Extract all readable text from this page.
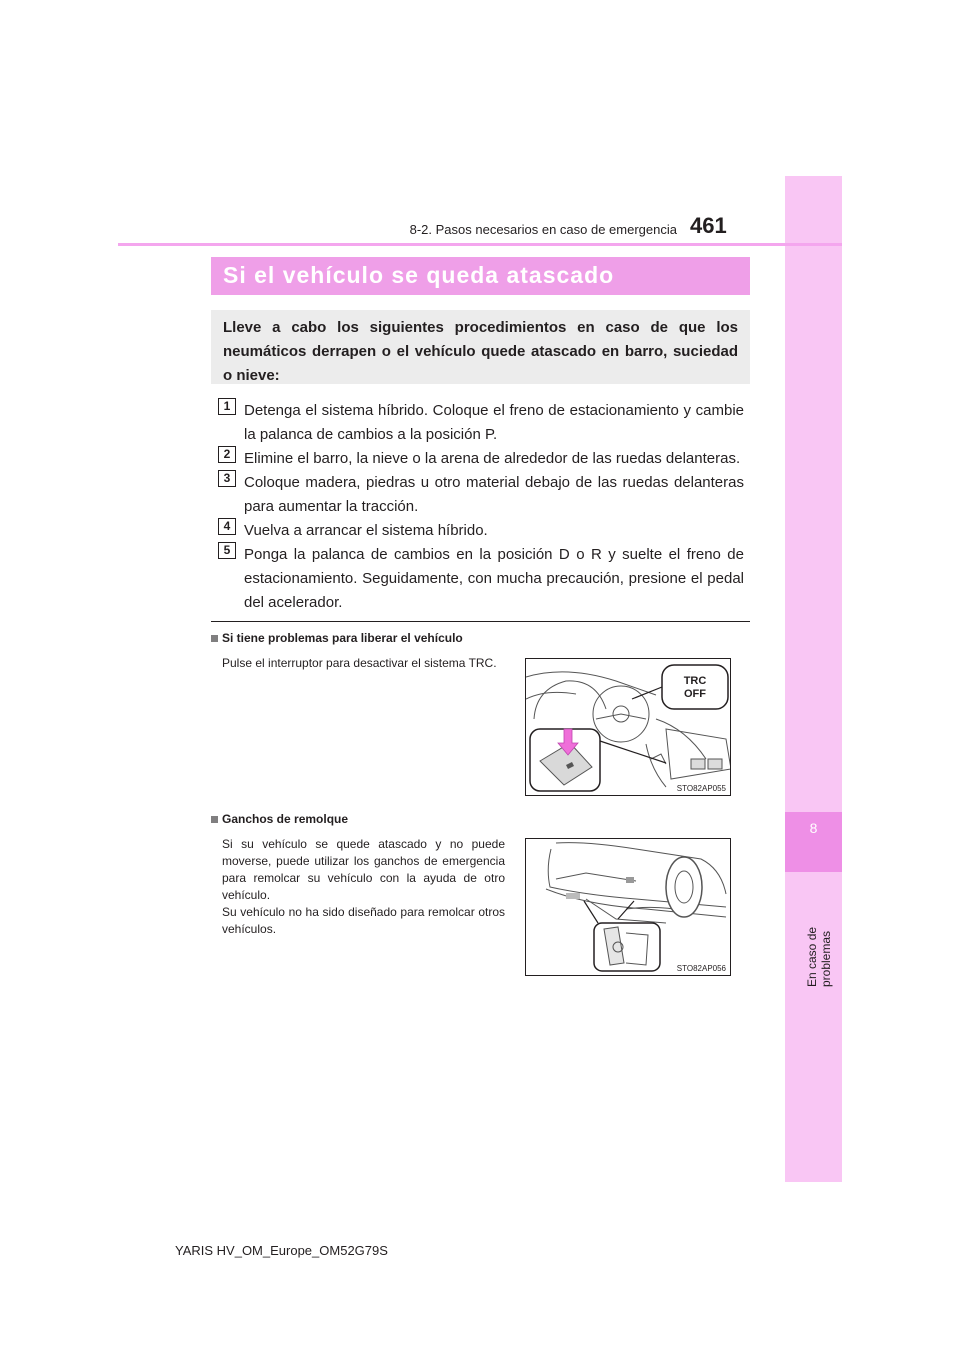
8
En caso de problemas
8-2. Pasos necesarios en caso de emergencia 461
Si el vehículo se queda atascado
Lleve a cabo los siguientes procedimientos en caso de que los neumáticos derrapen o el vehículo quede atascado en barro, suciedad o nieve:
1 Detenga el sistema híbrido. Coloque el freno de estacionamiento y cambie la palanca de cambios a la posición P.
2 Elimine el barro, la nieve o la arena de alrededor de las ruedas delanteras.
3 Coloque madera, piedras u otro material debajo de las ruedas delanteras para aumentar la tracción.
4 Vuelva a arrancar el sistema híbrido.
5 Ponga la palanca de cambios en la posición D o R y suelte el freno de estacionamiento. Seguidamente, con mucha precaución, presione el pedal del acelerador.
Si tiene problemas para liberar el vehículo
Pulse el interruptor para desactivar el sistema TRC.
TRC
OFF
STO82AP055
Ganchos de remolque
Si su vehículo se quede atascado y no puede moverse, puede utilizar los ganchos de emergencia para remolcar su vehículo con la ayuda de otro vehículo.
Su vehículo no ha sido diseñado para remolcar otros vehículos.
STO82AP056
YARIS HV_OM_Europe_OM52G79S
